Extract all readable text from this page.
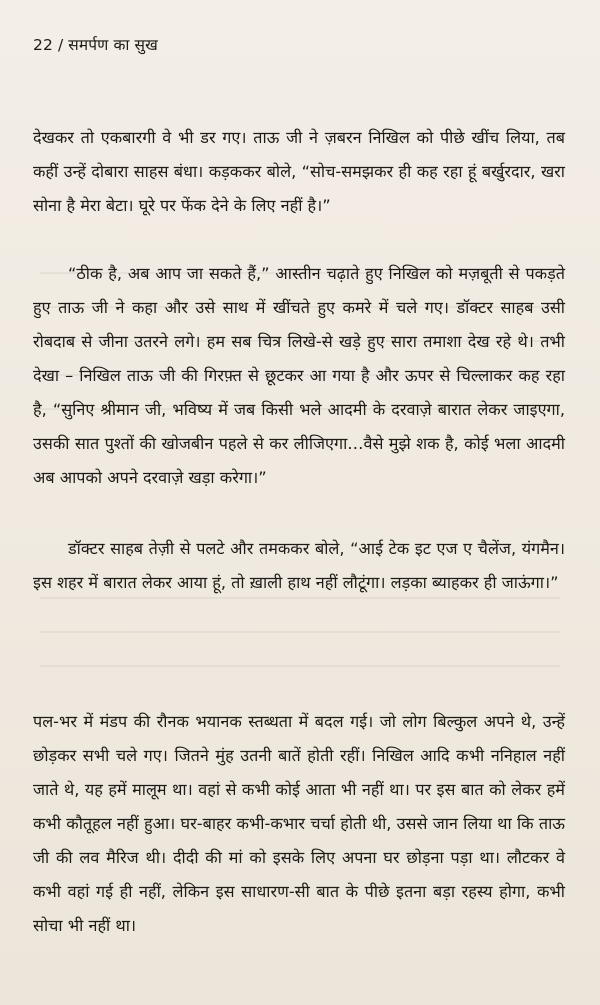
22 / समर्पण का सुख

देखकर तो एकबारगी वे भी डर गए। ताऊ जी ने ज़बरन निखिल को पीछे खींच लिया, तब कहीं उन्हें दोबारा साहस बंधा। कड़ककर बोले, “सोच-समझकर ही कह रहा हूं बर्खुरदार, खरा सोना है मेरा बेटा। घूरे पर फेंक देने के लिए नहीं है।”

“ठीक है, अब आप जा सकते हैं,” आस्तीन चढ़ाते हुए निखिल को मज़बूती से पकड़ते हुए ताऊ जी ने कहा और उसे साथ में खींचते हुए कमरे में चले गए। डॉक्टर साहब उसी रोबदाब से जीना उतरने लगे। हम सब चित्र लिखे-से खड़े हुए सारा तमाशा देख रहे थे। तभी देखा – निखिल ताऊ जी की गिरफ़्त से छूटकर आ गया है और ऊपर से चिल्लाकर कह रहा है, “सुनिए श्रीमान जी, भविष्य में जब किसी भले आदमी के दरवाज़े बारात लेकर जाइएगा, उसकी सात पुश्तों की खोजबीन पहले से कर लीजिएगा…वैसे मुझे शक है, कोई भला आदमी अब आपको अपने दरवाज़े खड़ा करेगा।”

डॉक्टर साहब तेज़ी से पलटे और तमककर बोले, “आई टेक इट एज ए चैलेंज, यंगमैन।इस शहर में बारात लेकर आया हूं, तो ख़ाली हाथ नहीं लौटूंगा। लड़का ब्याहकर ही जाऊंगा।”

पल-भर में मंडप की रौनक भयानक स्तब्धता में बदल गई। जो लोग बिल्कुल अपने थे, उन्हें छोड़कर सभी चले गए। जितने मुंह उतनी बातें होती रहीं। निखिल आदि कभी ननिहाल नहीं जाते थे, यह हमें मालूम था। वहां से कभी कोई आता भी नहीं था। पर इस बात को लेकर हमें कभी कौतूहल नहीं हुआ। घर-बाहर कभी-कभार चर्चा होती थी, उससे जान लिया था कि ताऊ जी की लव मैरिज थी। दीदी की मां को इसके लिए अपना घर छोड़ना पड़ा था। लौटकर वे कभी वहां गई ही नहीं, लेकिन इस साधारण-सी बात के पीछे इतना बड़ा रहस्य होगा, कभी सोचा भी नहीं था।
